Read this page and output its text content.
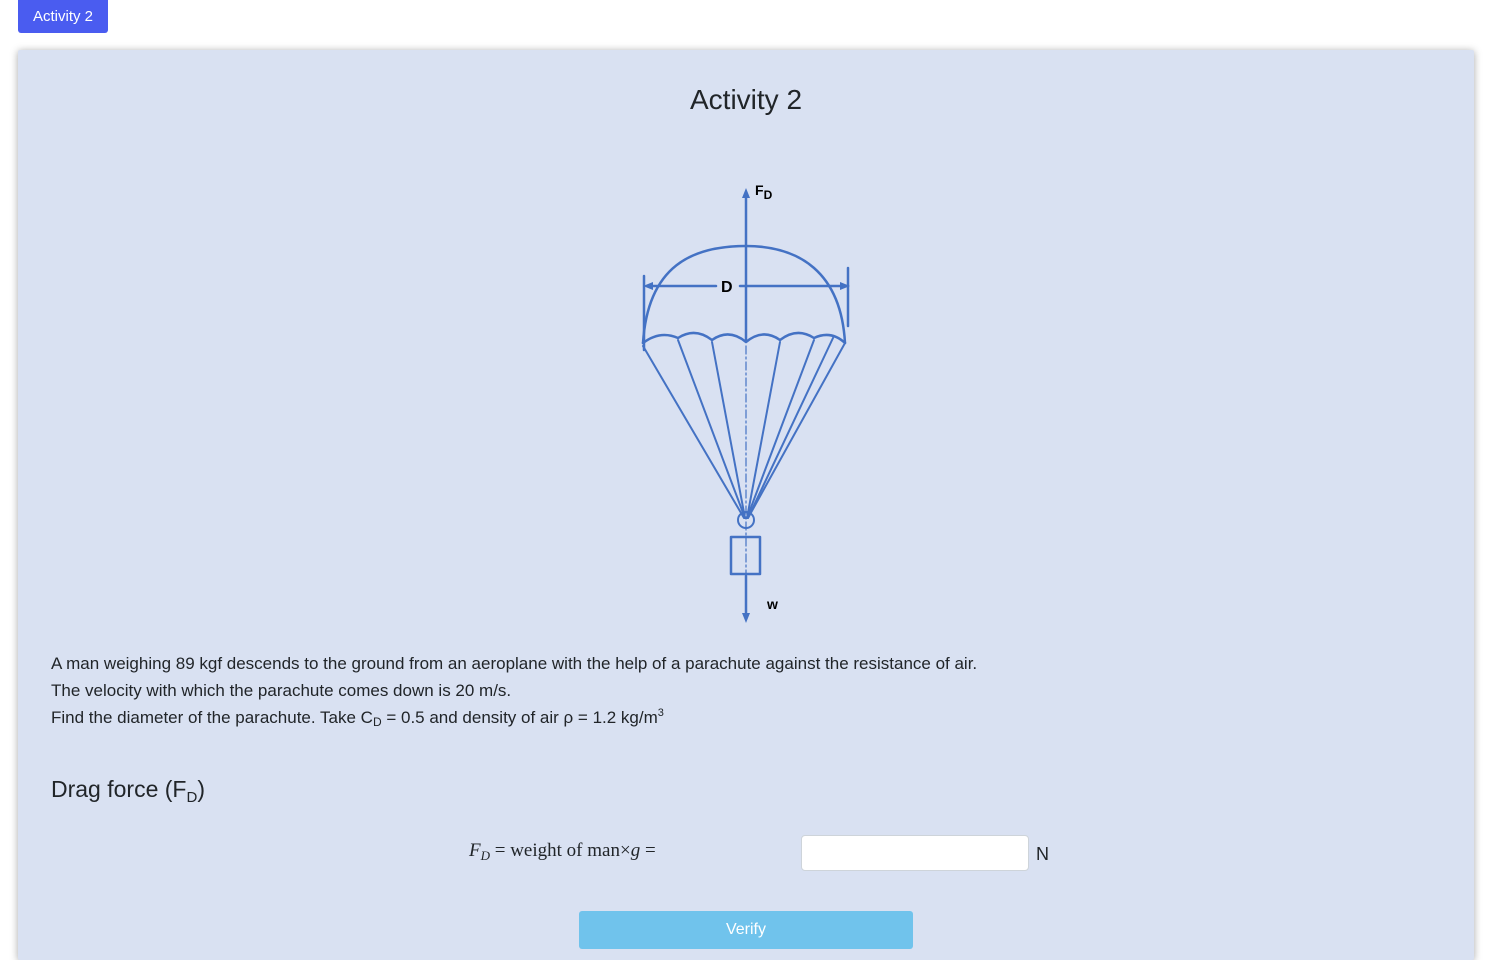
Activity 2
Activity 2
FD
D
w

A man weighing 89 kgf descends to the ground from an aeroplane with the help of a parachute against the resistance of air.

The velocity with which the parachute comes down is 20 m/s.

Find the diameter of the parachute. Take $C_D = 0.5$ and density of air ρ = 1.2 $kg/m^3$

Drag force $(F_D)$
$F_D$ = weight of man×g =	N
Verify
